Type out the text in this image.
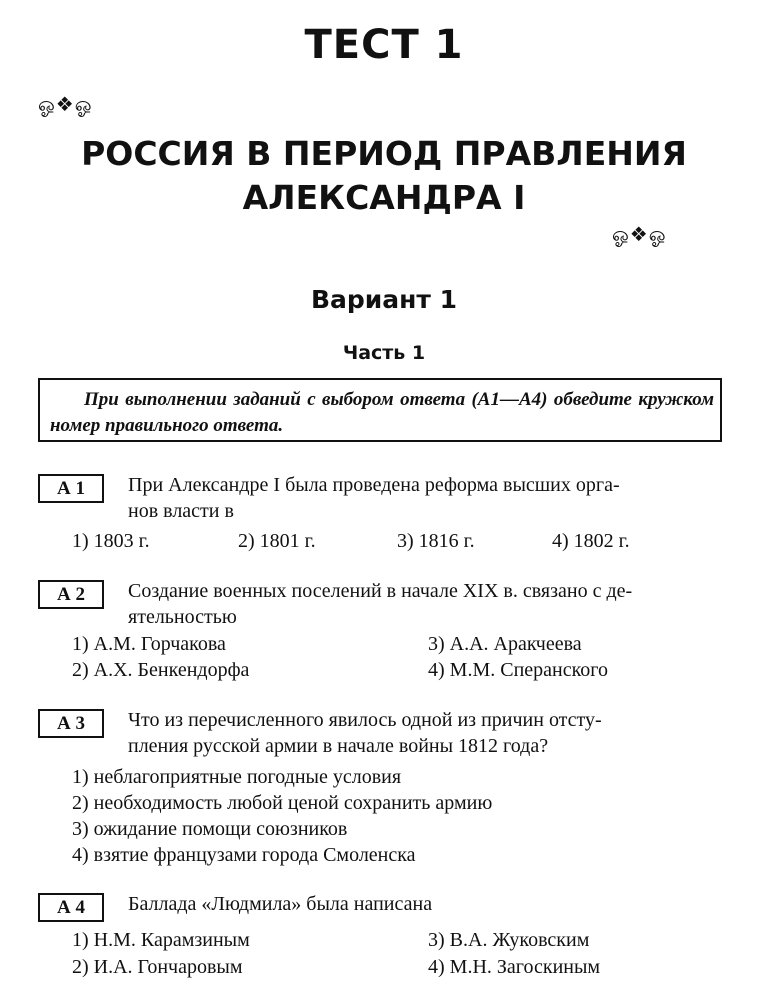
ТЕСТ 1
ஓ❖ஓ
РОССИЯ В ПЕРИОД ПРАВЛЕНИЯ
АЛЕКСАНДРА I
ஓ❖ஓ
Вариант 1
Часть 1
При выполнении заданий с выбором ответа (А1—А4) обведите кружком номер правильного ответа.
А 1	При Александре I была проведена реформа высших орга-
нов власти в
1) 1803 г.	2) 1801 г.	3) 1816 г.	4) 1802 г.
А 2	Создание военных поселений в начале XIX в. связано с де-
ятельностью
1) А.М. Горчакова	3) А.А. Аракчеева
2) А.Х. Бенкендорфа	4) М.М. Сперанского
А 3	Что из перечисленного явилось одной из причин отсту-
пления русской армии в начале войны 1812 года?
1) неблагоприятные погодные условия
2) необходимость любой ценой сохранить армию
3) ожидание помощи союзников
4) взятие французами города Смоленска
А 4	Баллада «Людмила» была написана
1) Н.М. Карамзиным	3) В.А. Жуковским
2) И.А. Гончаровым	4) М.Н. Загоскиным
